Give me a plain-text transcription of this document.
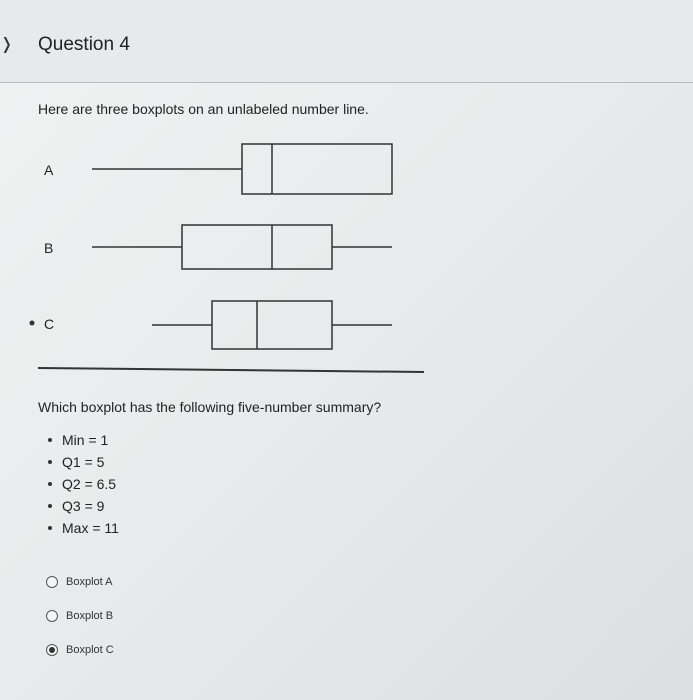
❭ Question 4
Here are three boxplots on an unlabeled number line.
A
B
C
Which boxplot has the following five-number summary?
Min = 1
Q1 = 5
Q2 = 6.5
Q3 = 9
Max = 11
Boxplot A
Boxplot B
Boxplot C
